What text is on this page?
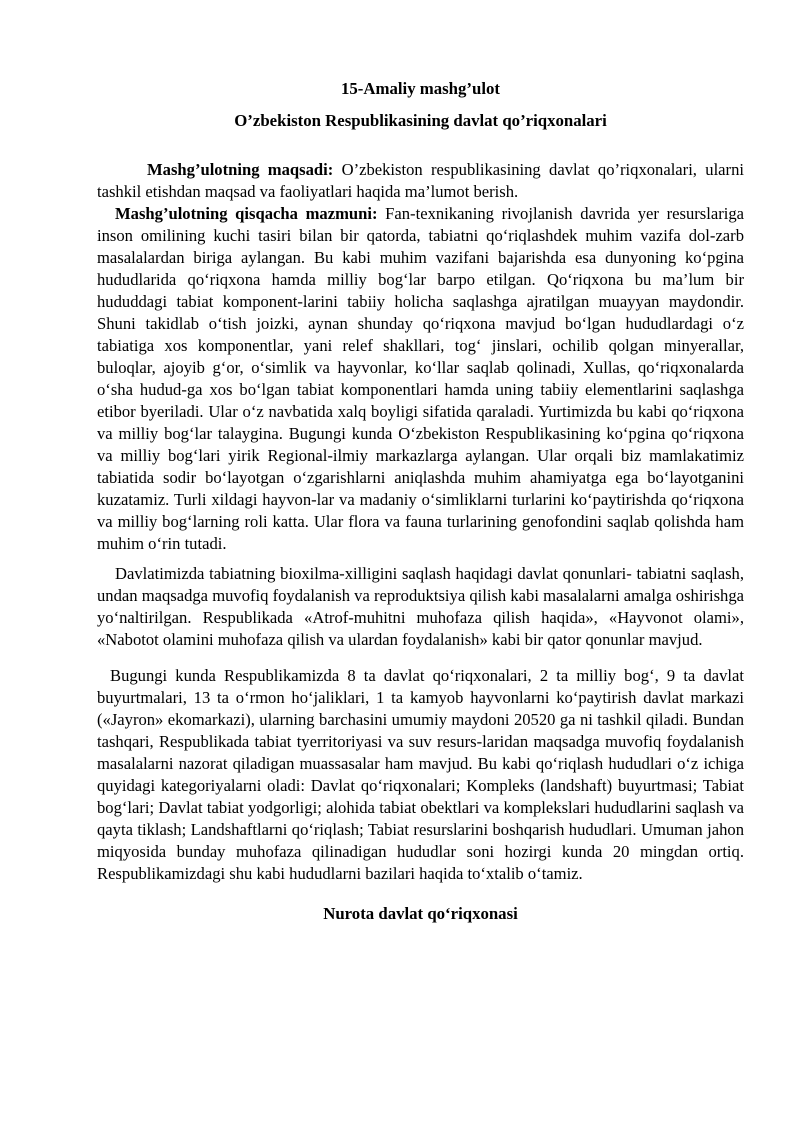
15-Amaliy mashg’ulot
O’zbekiston Respublikasining davlat qo’riqxonalari

Mashg’ulotning maqsadi: O’zbekiston respublikasining davlat qo’riqxonalari, ularni tashkil etishdan maqsad va faoliyatlari haqida ma’lumot berish.

Mashg’ulotning qisqacha mazmuni: Fan-texnikaning rivojlanish davrida yer resurslariga inson omilining kuchi tasiri bilan bir qatorda, tabiatni qo‘riqlashdek muhim vazifa dol-zarb masalalardan biriga aylangan. Bu kabi muhim vazifani bajarishda esa dunyoning ko‘pgina hududlarida qo‘riqxona hamda milliy bog‘lar barpo etilgan. Qo‘riqxona bu ma’lum bir hududdagi tabiat komponent-larini tabiiy holicha saqlashga ajratilgan muayyan maydondir. Shuni takidlab o‘tish joizki, aynan shunday qo‘riqxona mavjud bo‘lgan hududlardagi o‘z tabiatiga xos komponentlar, yani relef shakllari, tog‘ jinslari, ochilib qolgan minyerallar, buloqlar, ajoyib g‘or, o‘simlik va hayvonlar, ko‘llar saqlab qolinadi, Xullas, qo‘riqxonalarda o‘sha hudud-ga xos bo‘lgan tabiat komponentlari hamda uning tabiiy elementlarini saqlashga etibor byeriladi. Ular o‘z navbatida xalq boyligi sifatida qaraladi. Yurtimizda bu kabi qo‘riqxona va milliy bog‘lar talaygina. Bugungi kunda O‘zbekiston Respublikasining ko‘pgina qo‘riqxona va milliy bog‘lari yirik Regional-ilmiy markazlarga aylangan. Ular orqali biz mamlakatimiz tabiatida sodir bo‘layotgan o‘zgarishlarni aniqlashda muhim ahamiyatga ega bo‘layotganini kuzatamiz. Turli xildagi hayvon-lar va madaniy o‘simliklarni turlarini ko‘paytirishda qo‘riqxona va milliy bog‘larning roli katta. Ular flora va fauna turlarining genofondini saqlab qolishda ham muhim o‘rin tutadi.

Davlatimizda tabiatning bioxilma-xilligini saqlash haqidagi davlat qonunlari- tabiatni saqlash, undan maqsadga muvofiq foydalanish va reproduktsiya qilish kabi masalalarni amalga oshirishga yo‘naltirilgan. Respublikada «Atrof-muhitni muhofaza qilish haqida», «Hayvonot olami», «Nabotot olamini muhofaza qilish va ulardan foydalanish» kabi bir qator qonunlar mavjud.

Bugungi kunda Respublikamizda 8 ta davlat qo‘riqxonalari, 2 ta milliy bog‘, 9 ta davlat buyurtmalari, 13 ta o‘rmon ho‘jaliklari, 1 ta kamyob hayvonlarni ko‘paytirish davlat markazi («Jayron» ekomarkazi), ularning barchasini umumiy maydoni 20520 ga ni tashkil qiladi. Bundan tashqari, Respublikada tabiat tyerritoriyasi va suv resurs-laridan maqsadga muvofiq foydalanish masalalarni nazorat qiladigan muassasalar ham mavjud. Bu kabi qo‘riqlash hududlari o‘z ichiga quyidagi kategoriyalarni oladi: Davlat qo‘riqxonalari; Kompleks (landshaft) buyurtmasi; Tabiat bog‘lari; Davlat tabiat yodgorligi; alohida tabiat obektlari va komplekslari hududlarini saqlash va qayta tiklash; Landshaftlarni qo‘riqlash; Tabiat resurslarini boshqarish hududlari. Umuman jahon miqyosida bunday muhofaza qilinadigan hududlar soni hozirgi kunda 20 mingdan ortiq. Respublikamizdagi shu kabi hududlarni bazilari haqida to‘xtalib o‘tamiz.

Nurota davlat qo‘riqxonasi
